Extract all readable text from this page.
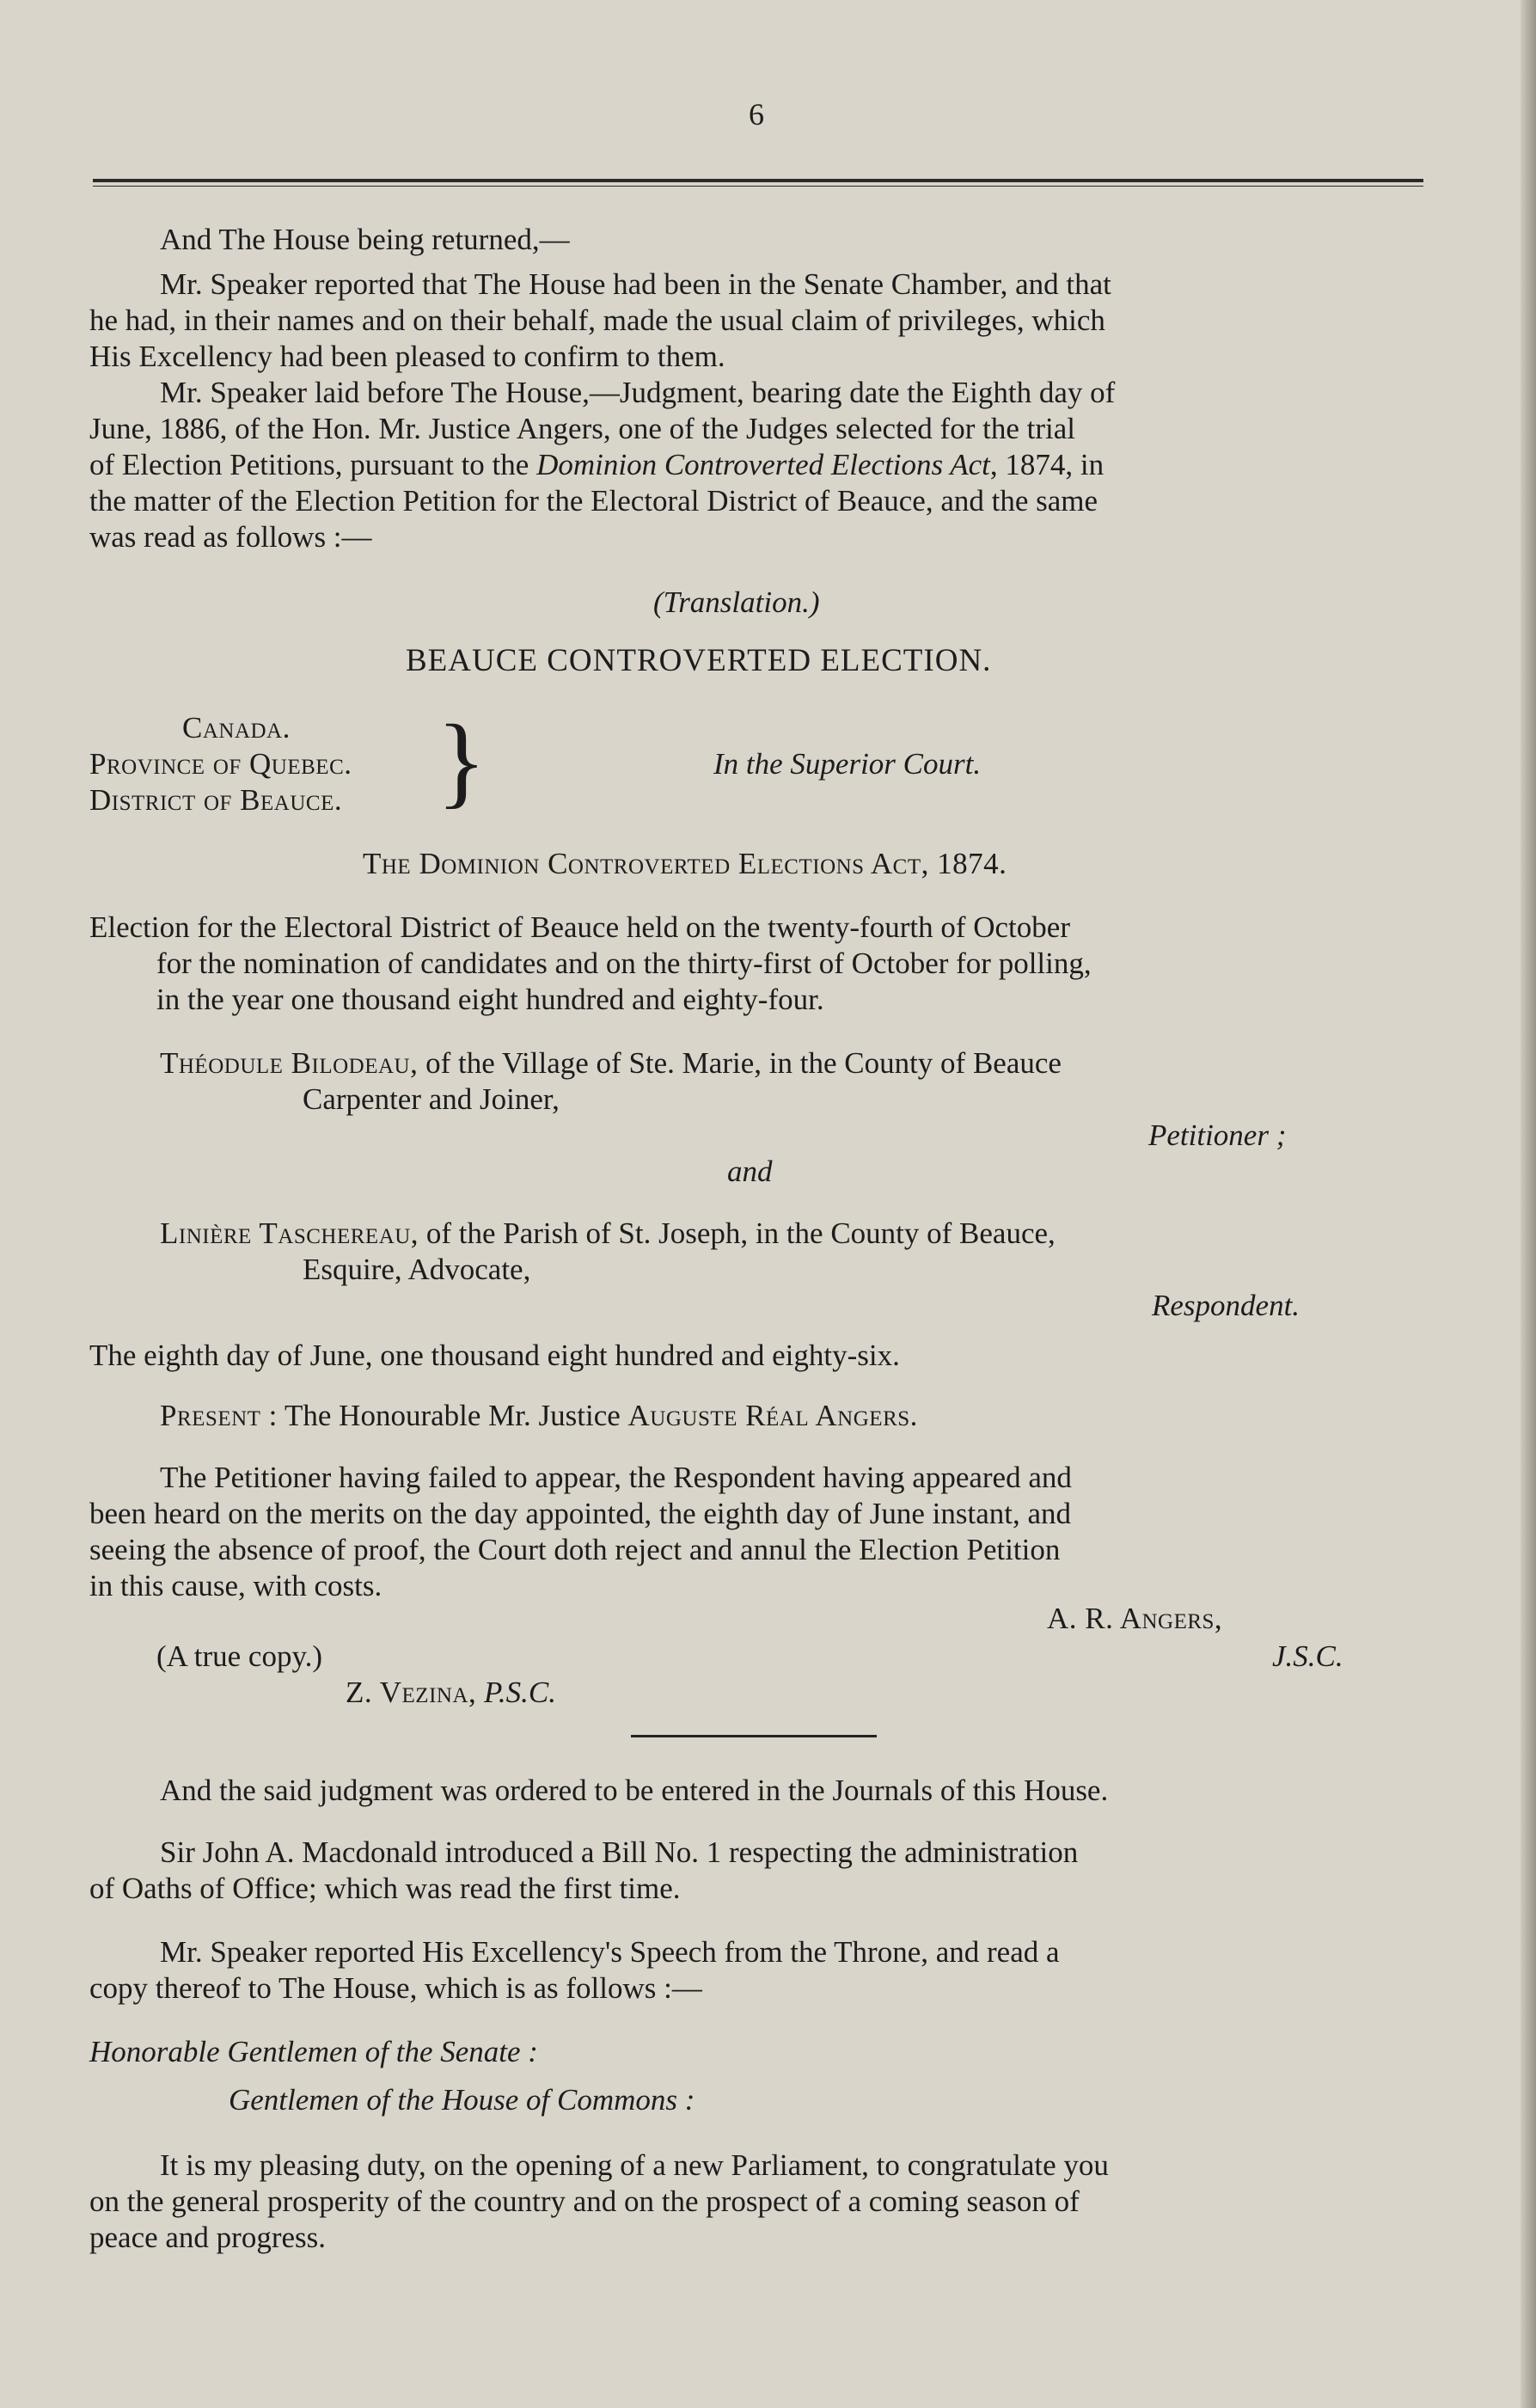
6
And The House being returned,—
Mr. Speaker reported that The House had been in the Senate Chamber, and that
he had, in their names and on their behalf, made the usual claim of privileges, which
His Excellency had been pleased to confirm to them.
Mr. Speaker laid before The House,—Judgment, bearing date the Eighth day of
June, 1886, of the Hon. Mr. Justice Angers, one of the Judges selected for the trial
of Election Petitions, pursuant to the Dominion Controverted Elections Act, 1874, in
the matter of the Election Petition for the Electoral District of Beauce, and the same
was read as follows :—
(Translation.)
BEAUCE CONTROVERTED ELECTION.
Canada.
Province of Quebec.
District of Beauce. }	In the Superior Court.
The Dominion Controverted Elections Act, 1874.
Election for the Electoral District of Beauce held on the twenty-fourth of October
for the nomination of candidates and on the thirty-first of October for polling,
in the year one thousand eight hundred and eighty-four.
Théodule Bilodeau, of the Village of Ste. Marie, in the County of Beauce
Carpenter and Joiner,
Petitioner ;
and
Linière Taschereau, of the Parish of St. Joseph, in the County of Beauce,
Esquire, Advocate,
Respondent.
The eighth day of June, one thousand eight hundred and eighty-six.
Present : The Honourable Mr. Justice Auguste Réal Angers.
The Petitioner having failed to appear, the Respondent having appeared and
been heard on the merits on the day appointed, the eighth day of June instant, and
seeing the absence of proof, the Court doth reject and annul the Election Petition
in this cause, with costs.
A. R. Angers,
(A true copy.)	J.S.C.
Z. Vezina, P.S.C.
And the said judgment was ordered to be entered in the Journals of this House.
Sir John A. Macdonald introduced a Bill No. 1 respecting the administration
of Oaths of Office; which was read the first time.
Mr. Speaker reported His Excellency's Speech from the Throne, and read a
copy thereof to The House, which is as follows :—
Honorable Gentlemen of the Senate :
Gentlemen of the House of Commons :
It is my pleasing duty, on the opening of a new Parliament, to congratulate you
on the general prosperity of the country and on the prospect of a coming season of
peace and progress.
